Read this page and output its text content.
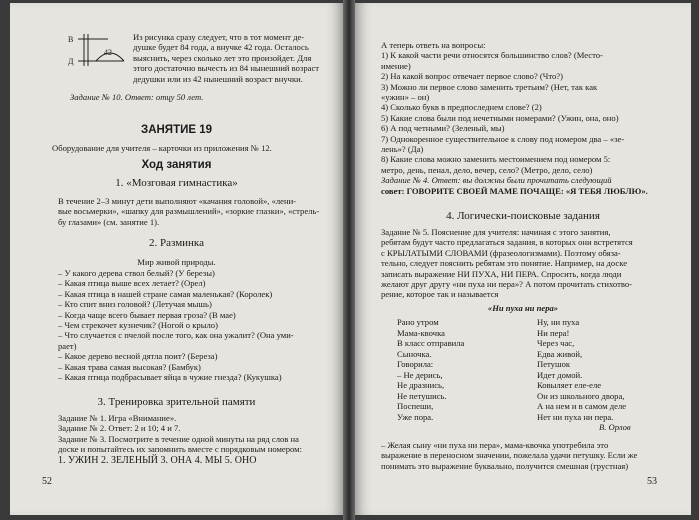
В
Д
42
Из рисунка сразу следует, что в тот момент де-
душке будет 84 года, а внучке 42 года. Осталось
выяснить, через сколько лет это произойдет. Для
этого достаточно вычесть из 84 нынешний возраст
дедушки или из 42 нынешний возраст внучки.
Задание № 10. Ответ: отцу 50 лет.
ЗАНЯТИЕ 19
Оборудование для учителя – карточки из приложения № 12.
Ход занятия
1. «Мозговая гимнастика»
В течение 2–3 минут дети выполняют «качания головой», «лени-
вые восьмерки», «шапку для размышлений», «зоркие глазки», «стрель-
бу глазами» (см. занятие 1).
2. Разминка
Мир живой природы.
– У какого дерева ствол белый? (У березы)
– Какая птица выше всех летает? (Орел)
– Какая птица в нашей стране самая маленькая? (Королек)
– Кто спит вниз головой? (Летучая мышь)
– Когда чаще всего бывает первая гроза? (В мае)
– Чем стрекочет кузнечик? (Ногой о крыло)
– Что случается с пчелой после того, как она ужалит? (Она уми-
рает)
– Какое дерево весной дятла поит? (Береза)
– Какая трава самая высокая? (Бамбук)
– Какая птица подбрасывает яйца в чужие гнезда? (Кукушка)
3. Тренировка зрительной памяти
Задание № 1. Игра «Внимание».
Задание № 2. Ответ: 2 и 10; 4 и 7.
Задание № 3. Посмотрите в течение одной минуты на ряд слов на
доске и попытайтесь их запомнить вместе с порядковым номером:
1. УЖИН 2. ЗЕЛЕНЫЙ 3. ОНА 4. МЫ 5. ОНО
52
А теперь ответь на вопросы:
1) К какой части речи относятся большинство слов? (Место-
имение)
2) На какой вопрос отвечает первое слово? (Что?)
3) Можно ли первое слово заменить третьим? (Нет, так как
«ужин» – он)
4) Сколько букв в предпоследнем слове? (2)
5) Какие слова были под нечетными номерами? (Ужин, она, оно)
6) А под четными? (Зеленый, мы)
7) Однокоренное существительное к слову под номером два – «зе-
лень»? (Да)
8) Какие слова можно заменить местоимением под номером 5:
метро, день, пенал, дело, вечер, село? (Метро, дело, село)
Задание № 4. Ответ: вы должны были прочитать следующий
совет: ГОВОРИТЕ СВОЕЙ МАМЕ ПОЧАЩЕ: «Я ТЕБЯ ЛЮБЛЮ».
4. Логически-поисковые задания
Задание № 5. Пояснение для учителя: начиная с этого занятия,
ребятам будут часто предлагаться задания, в которых они встретятся
с КРЫЛАТЫМИ СЛОВАМИ (фразеологизмами). Поэтому обяза-
тельно, следует пояснить ребятам это понятие. Например, на доске
записать выражение НИ ПУХА, НИ ПЕРА. Спросить, когда люди
желают друг другу «ни пуха ни пера»? А потом прочитать стихотво-
рение, которое так и называется
«Ни пуха ни пера»
Рано утром
Мама-квочка
В класс отправила
Сыночка.
Говорила:
– Не дерись,
Не дразнись,
Не петушись.
Поспеши,
Уже пора.
Ну, ни пуха
Ни пера!
Через час,
Едва живой,
Петушок
Идет домой.
Ковыляет еле-еле
Он из школьного двора,
А на нем и в самом деле
Нет ни пуха ни пера.
В. Орлов
– Желая сыну «ни пуха ни пера», мама-квочка употребила это
выражение в переносном значении, пожелала удачи петушку. Если же
понимать это выражение буквально, получится смешная (грустная)
53
